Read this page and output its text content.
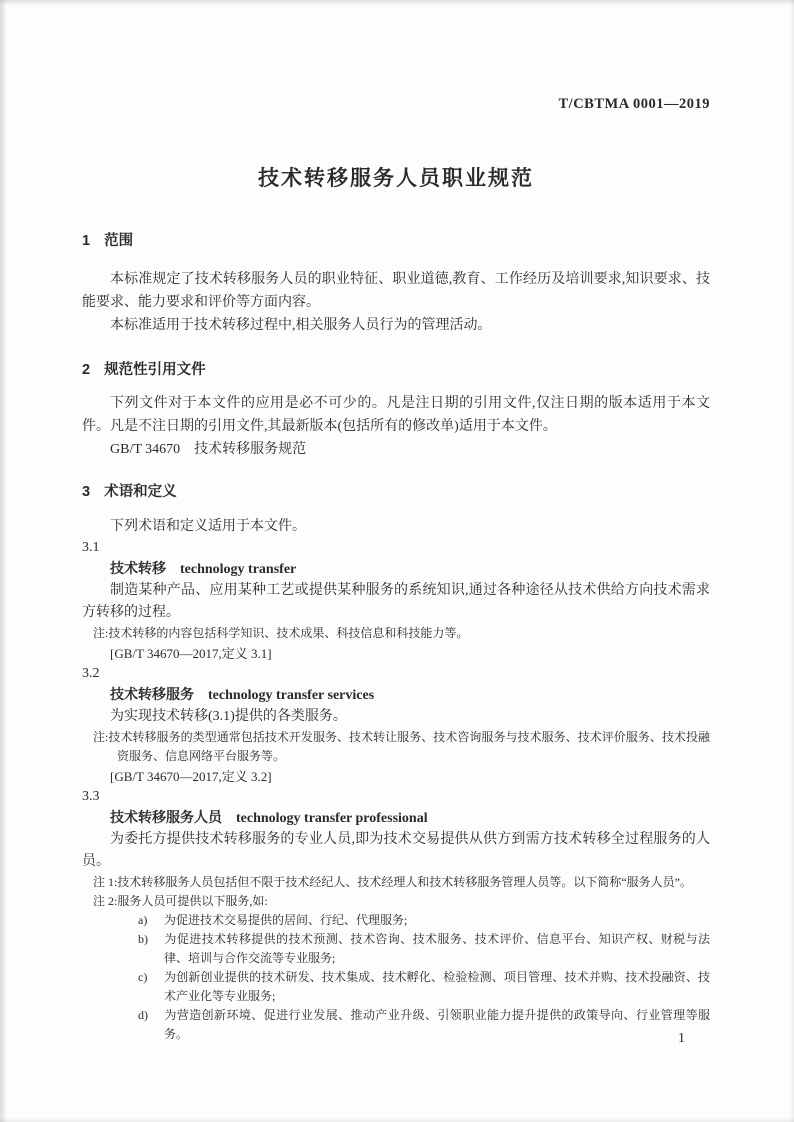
T/CBTMA 0001—2019
技术转移服务人员职业规范
1 范围
本标准规定了技术转移服务人员的职业特征、职业道德,教育、工作经历及培训要求,知识要求、技能要求、能力要求和评价等方面内容。
本标准适用于技术转移过程中,相关服务人员行为的管理活动。
2 规范性引用文件
下列文件对于本文件的应用是必不可少的。凡是注日期的引用文件,仅注日期的版本适用于本文件。凡是不注日期的引用文件,其最新版本(包括所有的修改单)适用于本文件。
GB/T 34670　技术转移服务规范
3 术语和定义
下列术语和定义适用于本文件。
3.1
技术转移 technology transfer
制造某种产品、应用某种工艺或提供某种服务的系统知识,通过各种途径从技术供给方向技术需求方转移的过程。
注:技术转移的内容包括科学知识、技术成果、科技信息和科技能力等。
[GB/T 34670—2017,定义 3.1]
3.2
技术转移服务 technology transfer services
为实现技术转移(3.1)提供的各类服务。
注:技术转移服务的类型通常包括技术开发服务、技术转让服务、技术咨询服务与技术服务、技术评价服务、技术投融资服务、信息网络平台服务等。
[GB/T 34670—2017,定义 3.2]
3.3
技术转移服务人员 technology transfer professional
为委托方提供技术转移服务的专业人员,即为技术交易提供从供方到需方技术转移全过程服务的人员。
注 1:技术转移服务人员包括但不限于技术经纪人、技术经理人和技术转移服务管理人员等。以下简称“服务人员”。
注 2:服务人员可提供以下服务,如:
a) 为促进技术交易提供的居间、行纪、代理服务;
b) 为促进技术转移提供的技术预测、技术咨询、技术服务、技术评价、信息平台、知识产权、财税与法律、培训与合作交流等专业服务;
c) 为创新创业提供的技术研发、技术集成、技术孵化、检验检测、项目管理、技术并购、技术投融资、技术产业化等专业服务;
d) 为营造创新环境、促进行业发展、推动产业升级、引领职业能力提升提供的政策导向、行业管理等服务。	1
